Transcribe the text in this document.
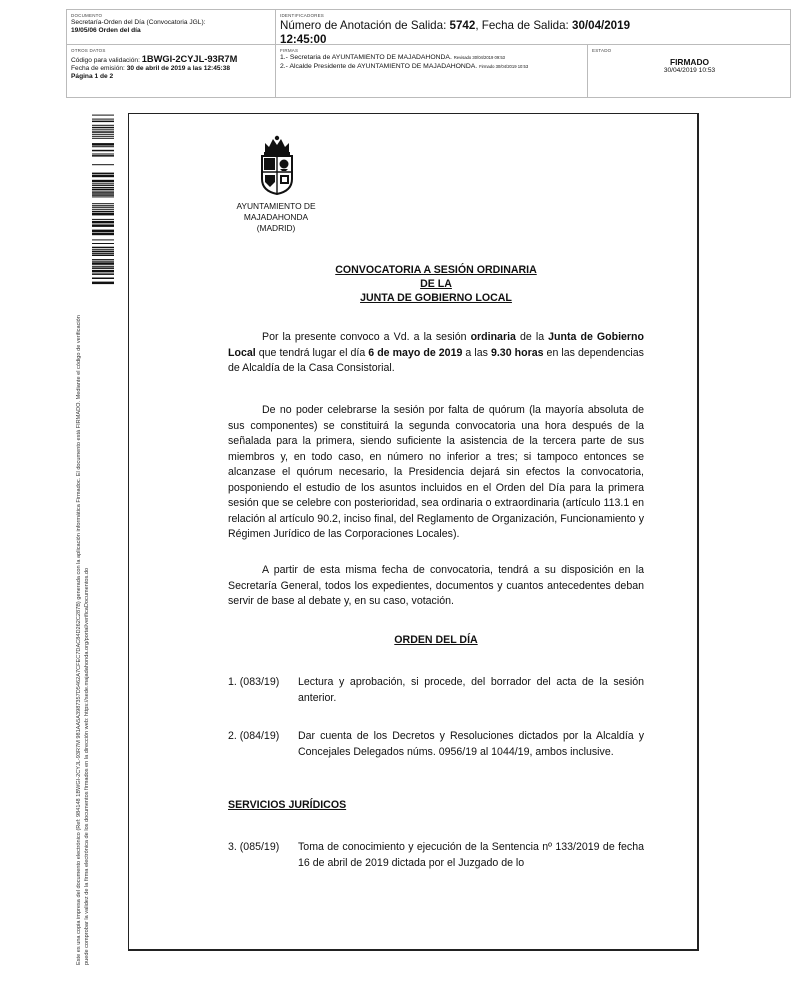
DOCUMENTO
Secretaría-Orden del Día (Convocatoria JGL):
19/05/06 Orden del día
IDENTIFICADORES
Número de Anotación de Salida: 5742, Fecha de Salida: 30/04/2019
12:45:00
OTROS DATOS
Código para validación: 1BWGI-2CYJL-93R7M
Fecha de emisión: 30 de abril de 2019 a las 12:45:38
Página 1 de 2
FIRMAS
1.- Secretaria de AYUNTAMIENTO DE MAJADAHONDA. Revisado 30/04/2019 09:53
2.- Alcalde Presidente de AYUNTAMIENTO DE MAJADAHONDA. Firmado 30/04/2019 10:53
ESTADO
FIRMADO
30/04/2019 10:53
Este es una copia impresa del documento electrónico (Ref: 984148 1BWGI-2CYJL-93R7M 981AA5A3987357D5462A7CFEC7DAC84D262C287B) generada con la aplicación informática Firmadoc. El documento está FIRMADO. Mediante el código de verificación puede comprobar la validez de la firma electrónica de los documentos firmados en la dirección web: https://sede.majadahonda.org/portal/verificaDocumentos.do
AYUNTAMIENTO DE
MAJADAHONDA
(MADRID)
CONVOCATORIA A SESIÓN ORDINARIA
DE LA
JUNTA DE GOBIERNO LOCAL

Por la presente convoco a Vd. a la sesión ordinaria de la Junta de Gobierno Local que tendrá lugar el día 6 de mayo de 2019 a las 9.30 horas en las dependencias de Alcaldía de la Casa Consistorial.

De no poder celebrarse la sesión por falta de quórum (la mayoría absoluta de sus componentes) se constituirá la segunda convocatoria una hora después de la señalada para la primera, siendo suficiente la asistencia de la tercera parte de sus miembros y, en todo caso, en número no inferior a tres; si tampoco entonces se alcanzase el quórum necesario, la Presidencia dejará sin efectos la convocatoria, posponiendo el estudio de los asuntos incluidos en el Orden del Día para la primera sesión que se celebre con posterioridad, sea ordinaria o extraordinaria (artículo 113.1 en relación al artículo 90.2, inciso final, del Reglamento de Organización, Funcionamiento y Régimen Jurídico de las Corporaciones Locales).

A partir de esta misma fecha de convocatoria, tendrá a su disposición en la Secretaría General, todos los expedientes, documentos y cuantos antecedentes deban servir de base al debate y, en su caso, votación.

ORDEN DEL DÍA
1. (083/19)	Lectura y aprobación, si procede, del borrador del acta de la sesión anterior.
2. (084/19)	Dar cuenta de los Decretos y Resoluciones dictados por la Alcaldía y Concejales Delegados núms. 0956/19 al 1044/19, ambos inclusive.
SERVICIOS JURÍDICOS
3. (085/19)	Toma de conocimiento y ejecución de la Sentencia nº 133/2019 de fecha 16 de abril de 2019 dictada por el Juzgado de lo
